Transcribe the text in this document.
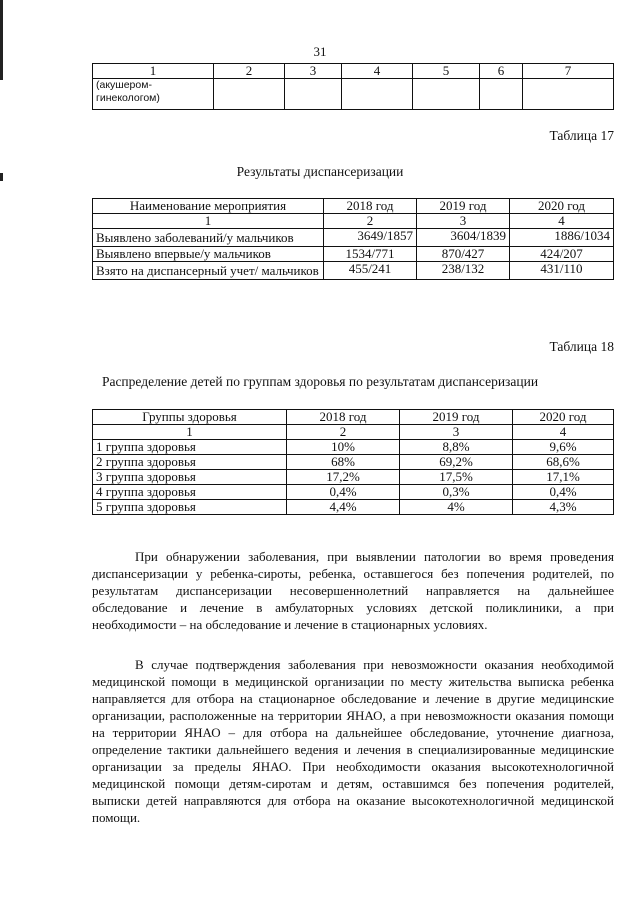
31
1	2	3	4	5	6	7
(акушером-
гинекологом)						
Таблица 17
Результаты диспансеризации
Наименование мероприятия	2018 год	2019 год	2020 год
1	2	3	4
Выявлено заболеваний/у мальчиков	3649/1857	3604/1839	1886/1034
Выявлено впервые/у мальчиков	1534/771	870/427	424/207
Взято на диспансерный учет/ мальчиков	455/241	238/132	431/110
Таблица 18
Распределение детей по группам здоровья по результатам диспансеризации
Группы здоровья	2018 год	2019 год	2020 год
1	2	3	4
1 группа здоровья	10%	8,8%	9,6%
2 группа здоровья	68%	69,2%	68,6%
3 группа здоровья	17,2%	17,5%	17,1%
4 группа здоровья	0,4%	0,3%	0,4%
5 группа здоровья	4,4%	4%	4,3%

При обнаружении заболевания, при выявлении патологии во время проведения диспансеризации у ребенка-сироты, ребенка, оставшегося без попечения родителей, по результатам диспансеризации несовершеннолетний направляется на дальнейшее обследование и лечение в амбулаторных условиях детской поликлиники, а при необходимости – на обследование и лечение в стационарных условиях.

В случае подтверждения заболевания при невозможности оказания необходимой медицинской помощи в медицинской организации по месту жительства выписка ребенка направляется для отбора на стационарное обследование и лечение в другие медицинские организации, расположенные на территории ЯНАО, а при невозможности оказания помощи на территории ЯНАО – для отбора на дальнейшее обследование, уточнение диагноза, определение тактики дальнейшего ведения и лечения в специализированные медицинские организации за пределы ЯНАО. При необходимости оказания высокотехнологичной медицинской помощи детям-сиротам и детям, оставшимся без попечения родителей, выписки детей направляются для отбора на оказание высокотехнологичной медицинской помощи.
